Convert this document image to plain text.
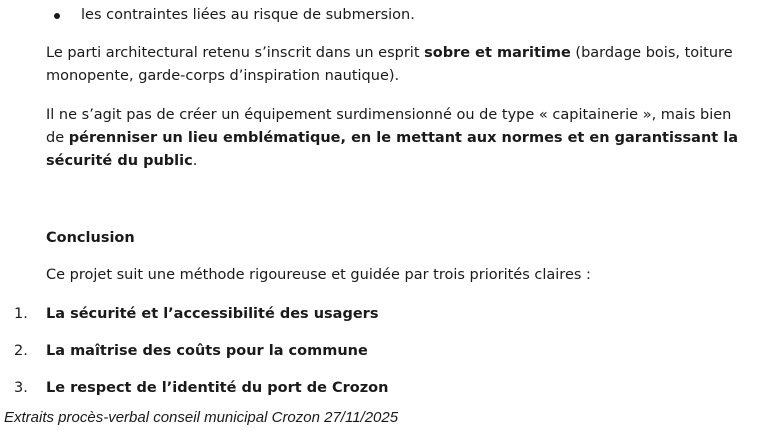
les contraintes liées au risque de submersion.

Le parti architectural retenu s’inscrit dans un esprit sobre et maritime (bardage bois, toiture monopente, garde-corps d’inspiration nautique).

Il ne s’agit pas de créer un équipement surdimensionné ou de type « capitainerie », mais bien de pérenniser un lieu emblématique, en le mettant aux normes et en garantissant la sécurité du public.

Conclusion

Ce projet suit une méthode rigoureuse et guidée par trois priorités claires :

1. La sécurité et l’accessibilité des usagers
2. La maîtrise des coûts pour la commune
3. Le respect de l’identité du port de Crozon
Extraits procès-verbal conseil municipal Crozon 27/11/2025
